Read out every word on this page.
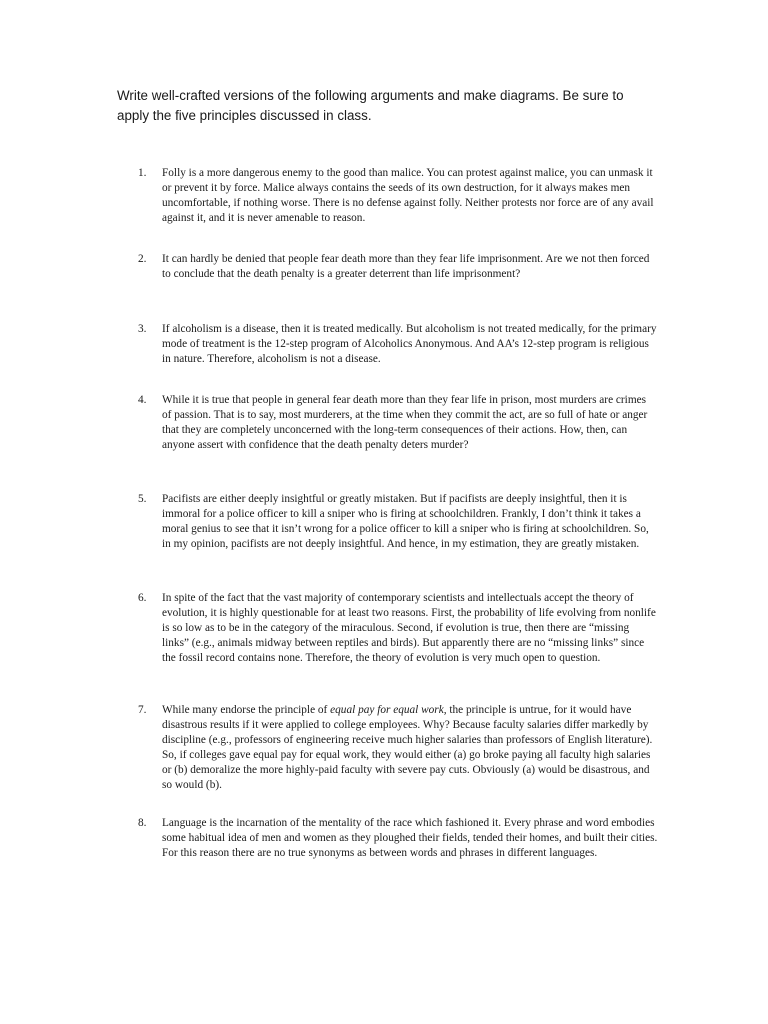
Write well-crafted versions of the following arguments and make diagrams. Be sure to apply the five principles discussed in class.
1. Folly is a more dangerous enemy to the good than malice. You can protest against malice, you can unmask it or prevent it by force. Malice always contains the seeds of its own destruction, for it always makes men uncomfortable, if nothing worse. There is no defense against folly. Neither protests nor force are of any avail against it, and it is never amenable to reason.
2. It can hardly be denied that people fear death more than they fear life imprisonment. Are we not then forced to conclude that the death penalty is a greater deterrent than life imprisonment?
3. If alcoholism is a disease, then it is treated medically. But alcoholism is not treated medically, for the primary mode of treatment is the 12-step program of Alcoholics Anonymous. And AA’s 12-step program is religious in nature. Therefore, alcoholism is not a disease.
4. While it is true that people in general fear death more than they fear life in prison, most murders are crimes of passion. That is to say, most murderers, at the time when they commit the act, are so full of hate or anger that they are completely unconcerned with the long-term consequences of their actions. How, then, can anyone assert with confidence that the death penalty deters murder?
5. Pacifists are either deeply insightful or greatly mistaken. But if pacifists are deeply insightful, then it is immoral for a police officer to kill a sniper who is firing at schoolchildren. Frankly, I don’t think it takes a moral genius to see that it isn’t wrong for a police officer to kill a sniper who is firing at schoolchildren. So, in my opinion, pacifists are not deeply insightful. And hence, in my estimation, they are greatly mistaken.
6. In spite of the fact that the vast majority of contemporary scientists and intellectuals accept the theory of evolution, it is highly questionable for at least two reasons. First, the probability of life evolving from nonlife is so low as to be in the category of the miraculous. Second, if evolution is true, then there are “missing links” (e.g., animals midway between reptiles and birds). But apparently there are no “missing links” since the fossil record contains none. Therefore, the theory of evolution is very much open to question.
7. While many endorse the principle of equal pay for equal work, the principle is untrue, for it would have disastrous results if it were applied to college employees. Why? Because faculty salaries differ markedly by discipline (e.g., professors of engineering receive much higher salaries than professors of English literature). So, if colleges gave equal pay for equal work, they would either (a) go broke paying all faculty high salaries or (b) demoralize the more highly-paid faculty with severe pay cuts. Obviously (a) would be disastrous, and so would (b).
8. Language is the incarnation of the mentality of the race which fashioned it. Every phrase and word embodies some habitual idea of men and women as they ploughed their fields, tended their homes, and built their cities. For this reason there are no true synonyms as between words and phrases in different languages.
